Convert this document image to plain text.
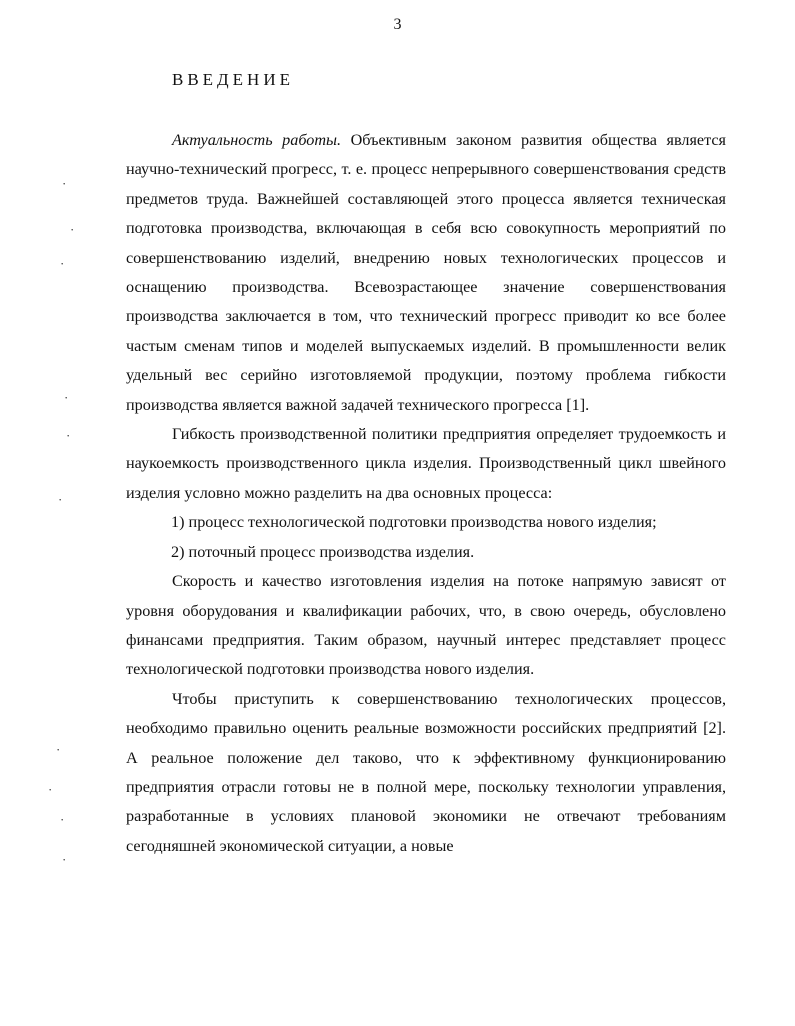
3
ВВЕДЕНИЕ

Актуальность работы. Объективным законом развития общества является научно-технический прогресс, т. е. процесс непрерывного совершенствования средств предметов труда. Важнейшей составляющей этого процесса является техническая подготовка производства, включающая в себя всю совокупность мероприятий по совершенствованию изделий, внедрению новых технологических процессов и оснащению производства. Всевозрастающее значение совершенствования производства заключается в том, что технический прогресс приводит ко все более частым сменам типов и моделей выпускаемых изделий. В промышленности велик удельный вес серийно изготовляемой продукции, поэтому проблема гибкости производства является важной задачей технического прогресса [1].

Гибкость производственной политики предприятия определяет трудоемкость и наукоемкость производственного цикла изделия. Производственный цикл швейного изделия условно можно разделить на два основных процесса:

1) процесс технологической подготовки производства нового изделия;

2) поточный процесс производства изделия.

Скорость и качество изготовления изделия на потоке напрямую зависят от уровня оборудования и квалификации рабочих, что, в свою очередь, обусловлено финансами предприятия. Таким образом, научный интерес представляет процесс технологической подготовки производства нового изделия.

Чтобы приступить к совершенствованию технологических процессов, необходимо правильно оценить реальные возможности российских предприятий [2]. А реальное положение дел таково, что к эффективному функционированию предприятия отрасли готовы не в полной мере, поскольку технологии управления, разработанные в условиях плановой экономики не отвечают требованиям сегодняшней экономической ситуации, а новые

·
·
·
·
·
·
·
·
·
·
